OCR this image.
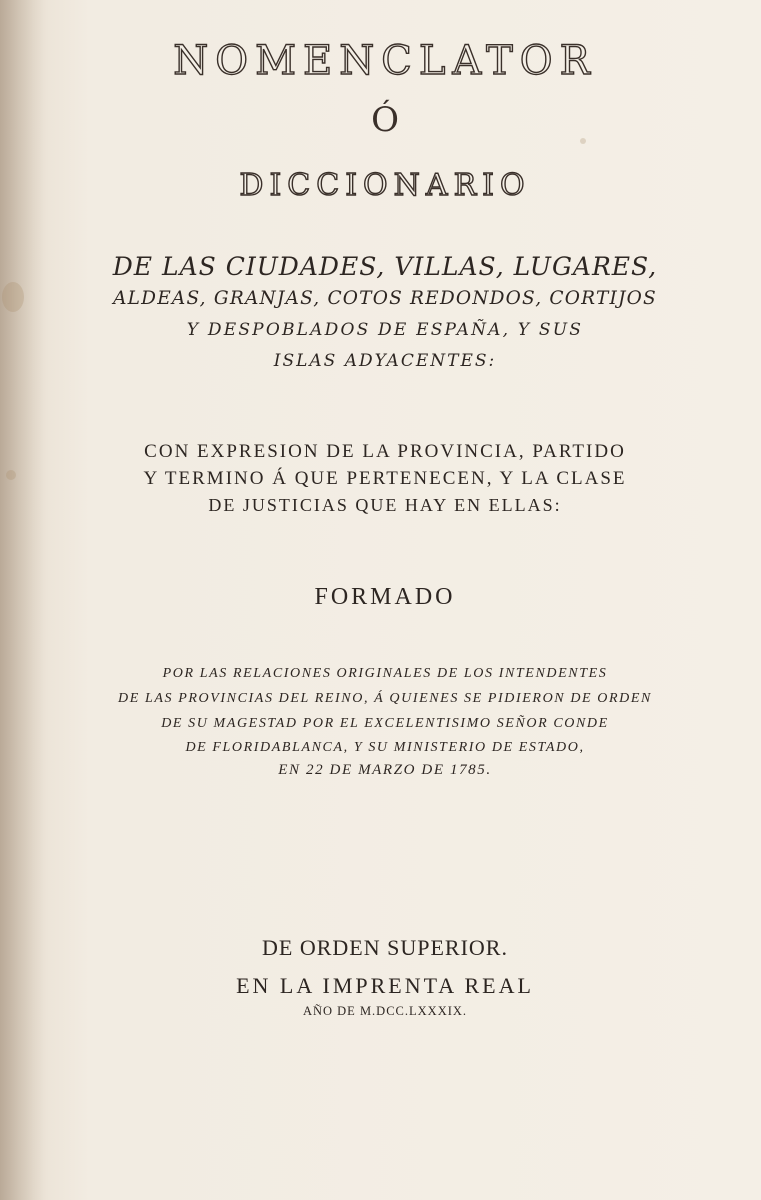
NOMENCLATOR
Ó
DICCIONARIO
DE LAS CIUDADES, VILLAS, LUGARES,
ALDEAS, GRANJAS, COTOS REDONDOS, CORTIJOS
Y DESPOBLADOS DE ESPAÑA, Y SUS
ISLAS ADYACENTES:
CON EXPRESION DE LA PROVINCIA, PARTIDO
Y TERMINO Á QUE PERTENECEN, Y LA CLASE
DE JUSTICIAS QUE HAY EN ELLAS:
FORMADO
POR LAS RELACIONES ORIGINALES DE LOS INTENDENTES
DE LAS PROVINCIAS DEL REINO, Á QUIENES SE PIDIERON DE ORDEN
DE SU MAGESTAD POR EL EXCELENTISIMO SEÑOR CONDE
DE FLORIDABLANCA, Y SU MINISTERIO DE ESTADO,
EN 22 DE MARZO DE 1785.
DE ORDEN SUPERIOR.
EN LA IMPRENTA REAL
AÑO DE M.DCC.LXXXIX.
